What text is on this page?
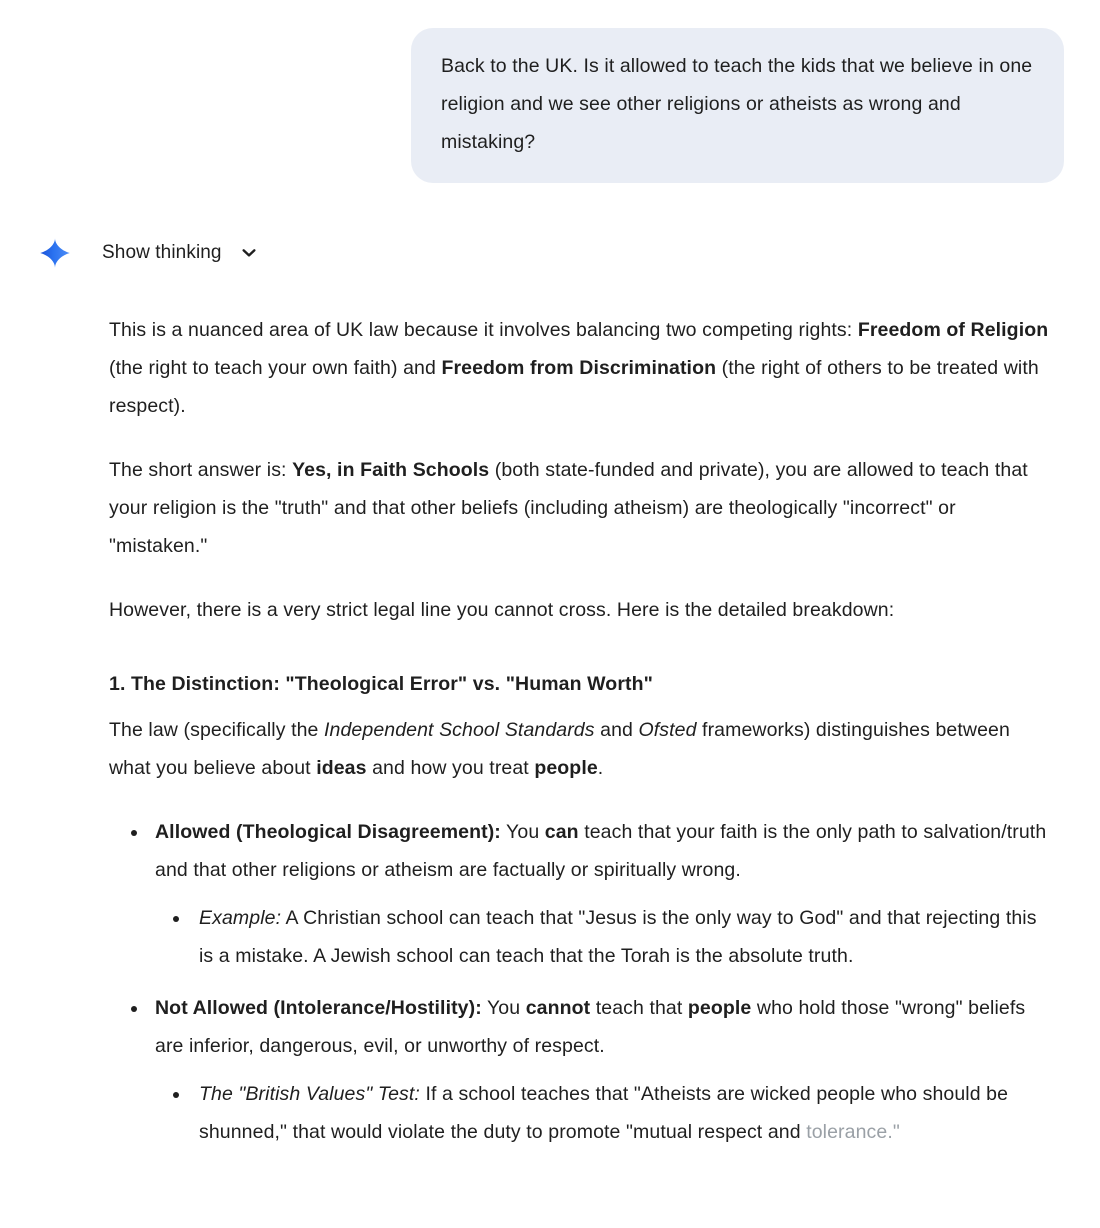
Back to the UK. Is it allowed to teach the kids that we believe in one religion and we see other religions or atheists as wrong and mistaking?
Show thinking

This is a nuanced area of UK law because it involves balancing two competing rights: Freedom of Religion (the right to teach your own faith) and Freedom from Discrimination (the right of others to be treated with respect).

The short answer is: Yes, in Faith Schools (both state-funded and private), you are allowed to teach that your religion is the "truth" and that other beliefs (including atheism) are theologically "incorrect" or "mistaken."

However, there is a very strict legal line you cannot cross. Here is the detailed breakdown:

1. The Distinction: "Theological Error" vs. "Human Worth"

The law (specifically the Independent School Standards and Ofsted frameworks) distinguishes between what you believe about ideas and how you treat people.

Allowed (Theological Disagreement): You can teach that your faith is the only path to salvation/truth and that other religions or atheism are factually or spiritually wrong.
Example: A Christian school can teach that "Jesus is the only way to God" and that rejecting this is a mistake. A Jewish school can teach that the Torah is the absolute truth.
Not Allowed (Intolerance/Hostility): You cannot teach that people who hold those "wrong" beliefs are inferior, dangerous, evil, or unworthy of respect.
The "British Values" Test: If a school teaches that "Atheists are wicked people who should be shunned," that would violate the duty to promote "mutual respect and tolerance."
